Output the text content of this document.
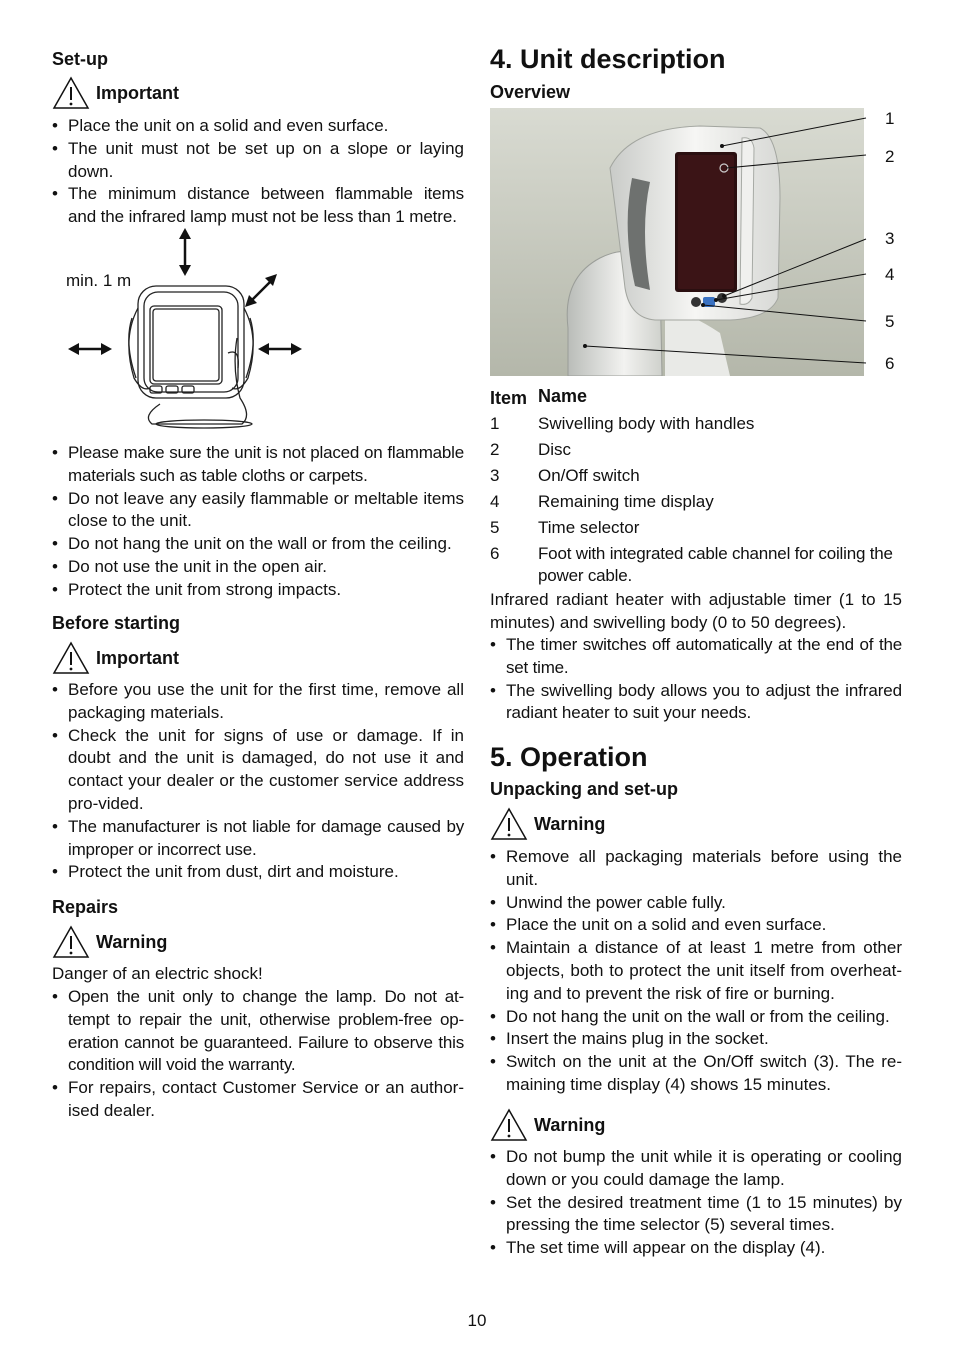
Set-up
Important
• Place the unit on a solid and even surface.
• The unit must not be set up on a slope or laying down.
• The minimum distance between flammable items and the infrared lamp must not be less than 1 metre.
min. 1 m
• Please make sure the unit is not placed on flammable materials such as table cloths or carpets.
• Do not leave any easily flammable or meltable items close to the unit.
• Do not hang the unit on the wall or from the ceiling.
• Do not use the unit in the open air.
• Protect the unit from strong impacts.
Before starting
Important
• Before you use the unit for the first time, remove all packaging materials.
• Check the unit for signs of use or damage. If in doubt and the unit is damaged, do not use it and contact your dealer or the customer service address pro-vided.
• The manufacturer is not liable for damage caused by improper or incorrect use.
• Protect the unit from dust, dirt and moisture.
Repairs
Warning
Danger of an electric shock!
• Open the unit only to change the lamp. Do not at-tempt to repair the unit, otherwise problem-free op-eration cannot be guaranteed. Failure to observe this condition will void the warranty.
• For repairs, contact Customer Service or an author-ised dealer.
4. Unit description
Overview
1
2
3
4
5
6
Item Name
1	Swivelling body with handles
2	Disc
3	On/Off switch
4	Remaining time display
5	Time selector
6	Foot with integrated cable channel for coiling the power cable.
Infrared radiant heater with adjustable timer (1 to 15 minutes) and swivelling body (0 to 50 degrees).
• The timer switches off automatically at the end of the set time.
• The swivelling body allows you to adjust the infrared radiant heater to suit your needs.
5. Operation
Unpacking and set-up
Warning
• Remove all packaging materials before using the unit.
• Unwind the power cable fully.
• Place the unit on a solid and even surface.
• Maintain a distance of at least 1 metre from other objects, both to protect the unit itself from overheat-ing and to prevent the risk of fire or burning.
• Do not hang the unit on the wall or from the ceiling.
• Insert the mains plug in the socket.
• Switch on the unit at the On/Off switch (3). The re-maining time display (4) shows 15 minutes.
Warning
• Do not bump the unit while it is operating or cooling down or you could damage the lamp.
• Set the desired treatment time (1 to 15 minutes) by pressing the time selector (5) several times.
• The set time will appear on the display (4).
10
